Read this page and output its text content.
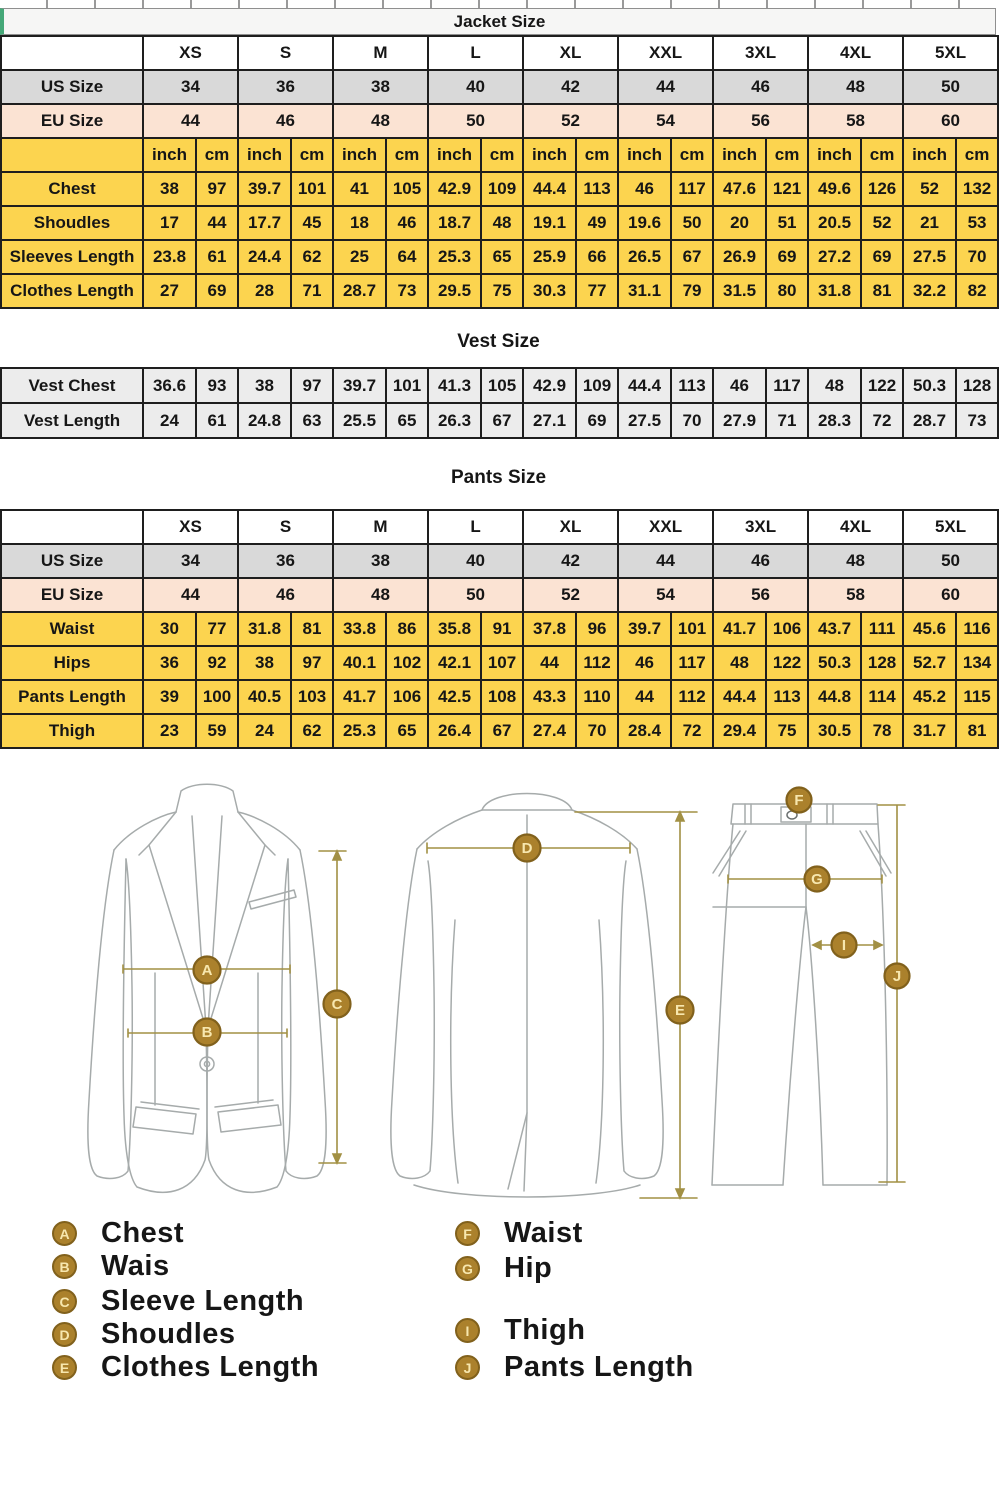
Jacket Size
	XS		S		M		L		XL		XXL		3XL		4XL		5XL	
US Size	34		36		38		40		42		44		46		48		50	
EU Size	44		46		48		50		52		54		56		58		60	
	inch	cm	inch	cm	inch	cm	inch	cm	inch	cm	inch	cm	inch	cm	inch	cm	inch	cm
Chest	38	97	39.7	101	41	105	42.9	109	44.4	113	46	117	47.6	121	49.6	126	52	132
Shoudles	17	44	17.7	45	18	46	18.7	48	19.1	49	19.6	50	20	51	20.5	52	21	53
Sleeves Length	23.8	61	24.4	62	25	64	25.3	65	25.9	66	26.5	67	26.9	69	27.2	69	27.5	70
Clothes Length	27	69	28	71	28.7	73	29.5	75	30.3	77	31.1	79	31.5	80	31.8	81	32.2	82
Vest Size
Vest Chest	36.6	93	38	97	39.7	101	41.3	105	42.9	109	44.4	113	46	117	48	122	50.3	128
Vest Length	24	61	24.8	63	25.5	65	26.3	67	27.1	69	27.5	70	27.9	71	28.3	72	28.7	73
Pants Size
	XS		S		M		L		XL		XXL		3XL		4XL		5XL	
US Size	34		36		38		40		42		44		46		48		50	
EU Size	44		46		48		50		52		54		56		58		60	
Waist	30	77	31.8	81	33.8	86	35.8	91	37.8	96	39.7	101	41.7	106	43.7	111	45.6	116
Hips	36	92	38	97	40.1	102	42.1	107	44	112	46	117	48	122	50.3	128	52.7	134
Pants Length	39	100	40.5	103	41.7	106	42.5	108	43.3	110	44	112	44.4	113	44.8	114	45.2	115
Thigh	23	59	24	62	25.3	65	26.4	67	27.4	70	28.4	72	29.4	75	30.5	78	31.7	81
A
B
C
D
E
F
G
I
J
A Chest
B Wais
C Sleeve Length
D Shoudles
E Clothes Length
F Waist
G Hip
I	Thigh
J Pants Length
